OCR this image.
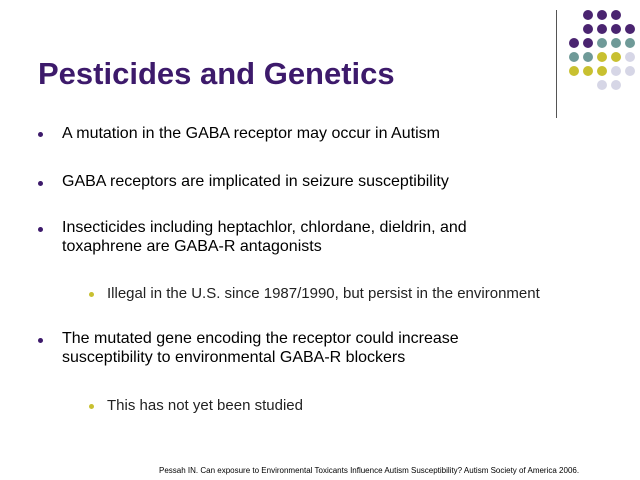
Pesticides and Genetics
A mutation in the GABA receptor may occur in Autism
GABA receptors are implicated in seizure susceptibility
Insecticides including heptachlor, chlordane, dieldrin, and
toxaphrene are GABA-R antagonists
Illegal in the U.S. since 1987/1990, but persist in the environment
The mutated gene encoding the receptor could increase
susceptibility to environmental GABA-R blockers
This has not yet been studied
Pessah IN. Can exposure to Environmental Toxicants Influence Autism Susceptibility? Autism Society of America 2006.
